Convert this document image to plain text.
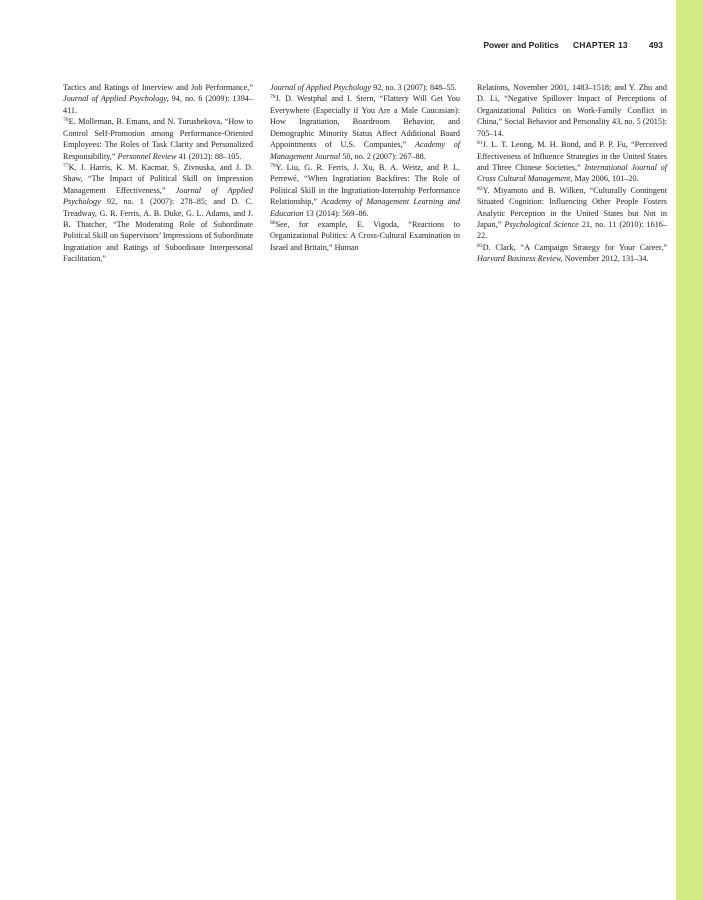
Power and Politics CHAPTER 13 493

Tactics and Ratings of Interview and Job Performance,” Journal of Applied Psychology, 94, no. 6 (2009): 1394–411.

$^{76}$E. Molleman, B. Emans, and N. Turusbekova, “How to Control Self-Promotion among Performance-Oriented Employees: The Roles of Task Clarity and Personalized Responsibility,” Personnel Review 41 (2012): 88–105.

$^{77}$K. J. Harris, K. M. Kacmar, S. Zivnuska, and J. D. Shaw, “The Impact of Political Skill on Impression Management Effectiveness,” Journal of Applied Psychology 92, no. 1 (2007): 278–85; and D. C. Treadway, G. R. Ferris, A. B. Duke, G. L. Adams, and J. B. Thatcher, “The Moderating Role of Subordinate Political Skill on Supervisors’ Impressions of Subordinate Ingratiation and Ratings of Subordinate Interpersonal Facilitation,”

Journal of Applied Psychology 92, no. 3 (2007): 848–55.

$^{78}$J. D. Westphal and I. Stern, “Flattery Will Get You Everywhere (Especially if You Are a Male Caucasian): How Ingratiation, Boardroom Behavior, and Demographic Minority Status Affect Additional Board Appointments of U.S. Companies,” Academy of Management Journal 50, no. 2 (2007): 267–88.

$^{79}$Y. Liu, G. R. Ferris, J. Xu, B. A. Weitz, and P. L. Perrewé, “When Ingratiation Backfires: The Role of Political Skill in the Ingratiation-Internship Performance Relationship,” Academy of Management Learning and Education 13 (2014): 569–86.

$^{80}$See, for example, E. Vigoda, “Reactions to Organizational Politics: A Cross-Cultural Examination in Israel and Britain,” Human

Relations, November 2001, 1483–1518; and Y. Zhu and D. Li, “Negative Spillover Impact of Perceptions of Organizational Politics on Work-Family Conflict in China,” Social Behavior and Personality 43, no. 5 (2015): 705–14.

$^{81}$J. L. T. Leong, M. H. Bond, and P. P. Fu, “Perceived Effectiveness of Influence Strategies in the United States and Three Chinese Societies,” International Journal of Cross Cultural Management, May 2006, 101–20.

$^{82}$Y. Miyamoto and B. Wilken, “Culturally Contingent Situated Cognition: Influencing Other People Fosters Analytic Perception in the United States but Not in Japan,” Psychological Science 21, no. 11 (2010): 1616–22.

$^{83}$D. Clark, “A Campaign Strategy for Your Career,” Harvard Business Review, November 2012, 131–34.
